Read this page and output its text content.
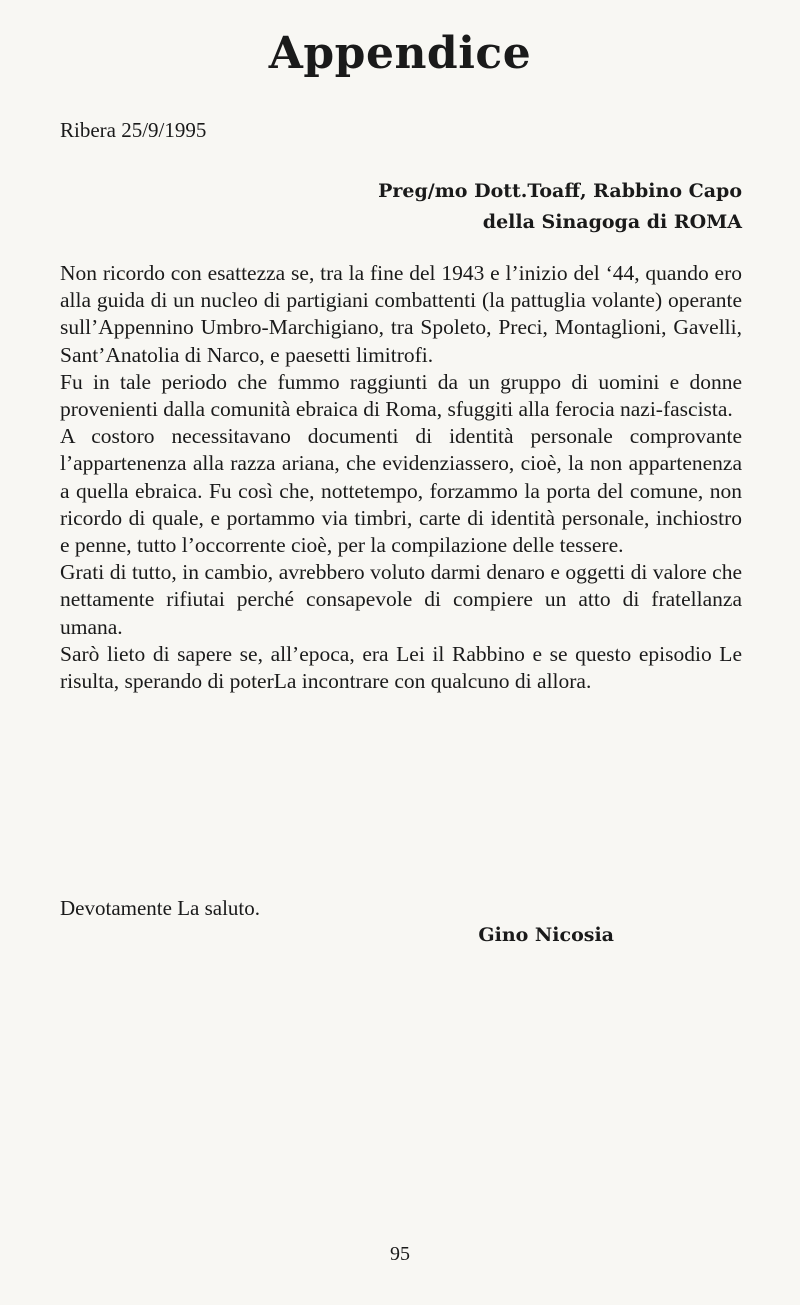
Appendice

Ribera 25/9/1995

Preg/mo Dott.Toaff, Rabbino Capo
della Sinagoga di ROMA

Non ricordo con esattezza se, tra la fine del 1943 e l’inizio del ‘44, quando ero alla guida di un nucleo di partigiani combattenti (la pattuglia volante) operante sull’Appennino Umbro-Marchigiano, tra Spoleto, Preci, Montaglioni, Gavelli, Sant’Anatolia di Narco, e paesetti limitrofi.

Fu in tale periodo che fummo raggiunti da un gruppo di uomini e donne provenienti dalla comunità ebraica di Roma, sfuggiti alla ferocia nazi-fascista.

A costoro necessitavano documenti di identità personale comprovante l’appartenenza alla razza ariana, che evidenziassero, cioè, la non appartenenza a quella ebraica. Fu così che, nottetempo, forzammo la porta del comune, non ricordo di quale, e portammo via timbri, carte di identità personale, inchiostro e penne, tutto l’occorrente cioè, per la compilazione delle tessere.

Grati di tutto, in cambio, avrebbero voluto darmi denaro e oggetti di valore che nettamente rifiutai perché consapevole di compiere un atto di fratellanza umana.

Sarò lieto di sapere se, all’epoca, era Lei il Rabbino e se questo episodio Le risulta, sperando di poterLa incontrare con qualcuno di allora.

Devotamente La saluto.

Gino Nicosia

95
